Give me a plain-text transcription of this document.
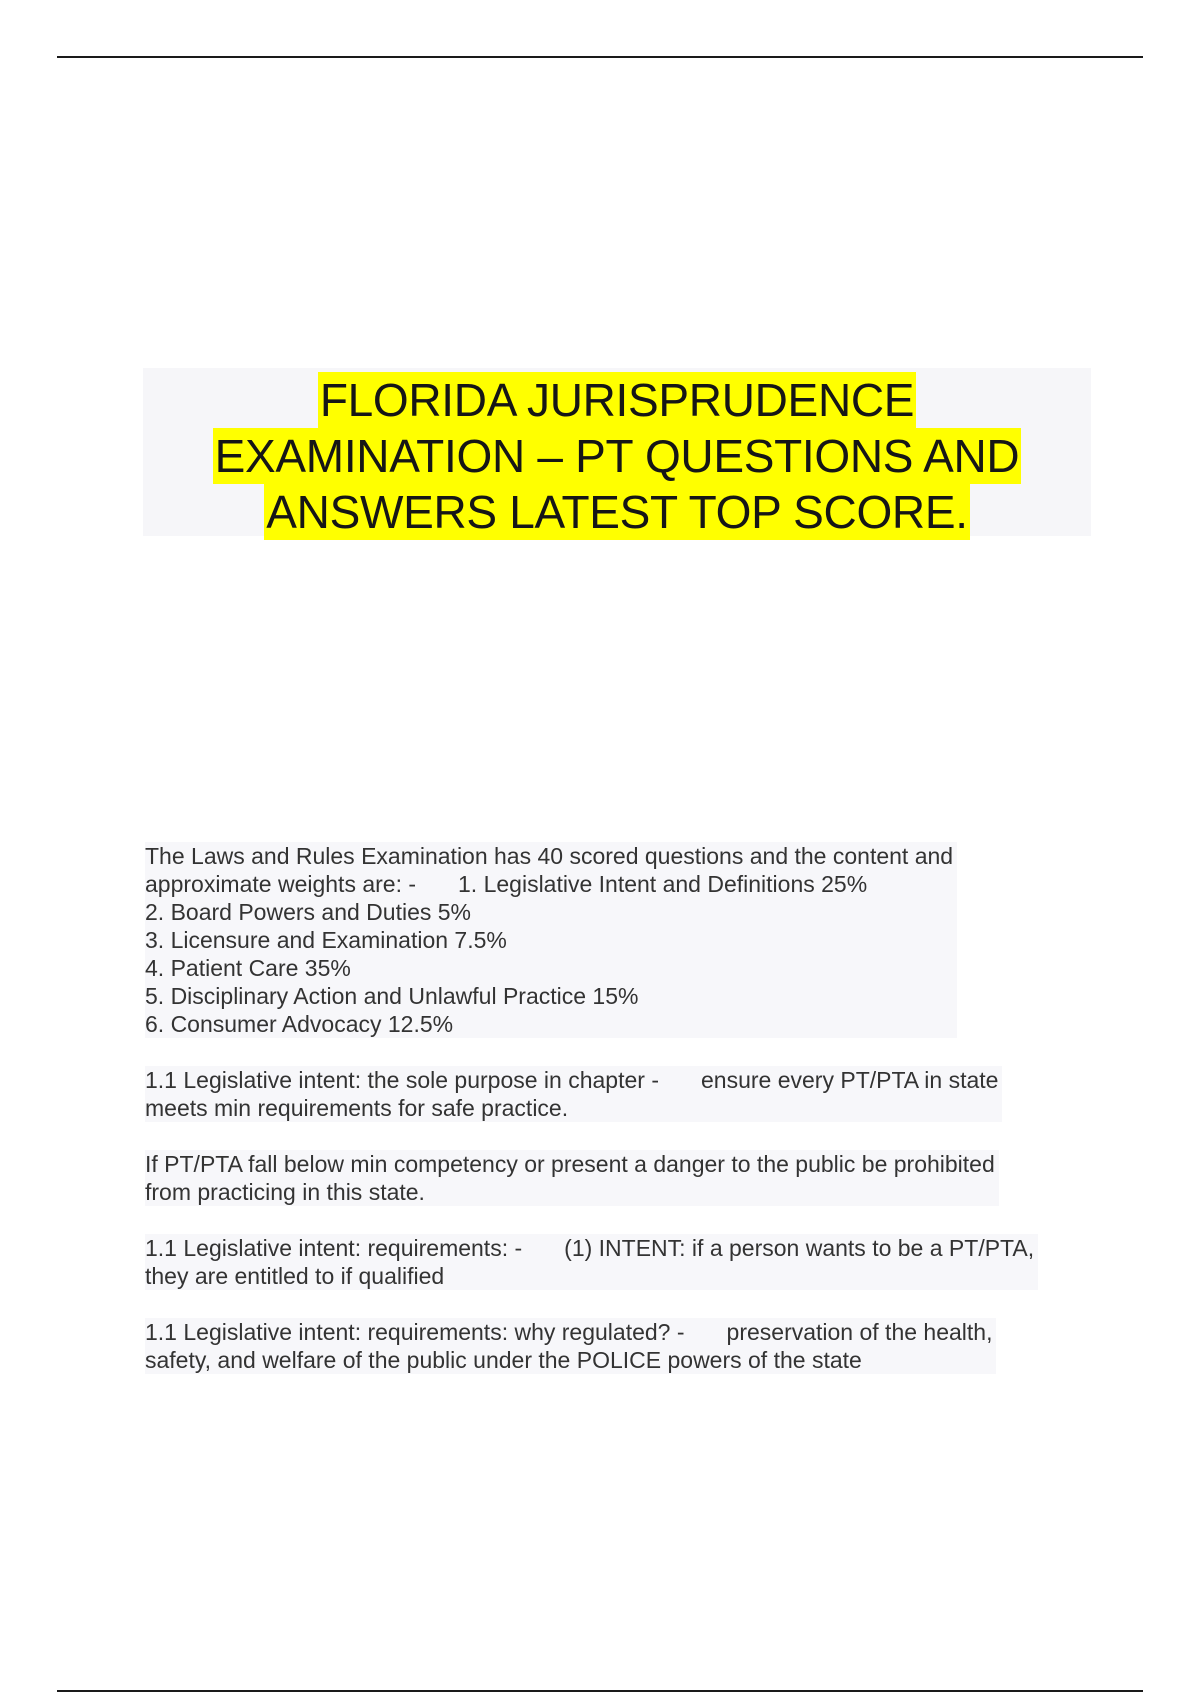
FLORIDA JURISPRUDENCE
EXAMINATION – PT QUESTIONS AND
ANSWERS LATEST TOP SCORE.
The Laws and Rules Examination has 40 scored questions and the content and
approximate weights are: - 1. Legislative Intent and Definitions 25%
2. Board Powers and Duties 5%
3. Licensure and Examination 7.5%
4. Patient Care 35%
5. Disciplinary Action and Unlawful Practice 15%
6. Consumer Advocacy 12.5%
1.1 Legislative intent: the sole purpose in chapter - ensure every PT/PTA in state
meets min requirements for safe practice.
If PT/PTA fall below min competency or present a danger to the public be prohibited
from practicing in this state.
1.1 Legislative intent: requirements: - (1) INTENT: if a person wants to be a PT/PTA,
they are entitled to if qualified
1.1 Legislative intent: requirements: why regulated? - preservation of the health,
safety, and welfare of the public under the POLICE powers of the state
